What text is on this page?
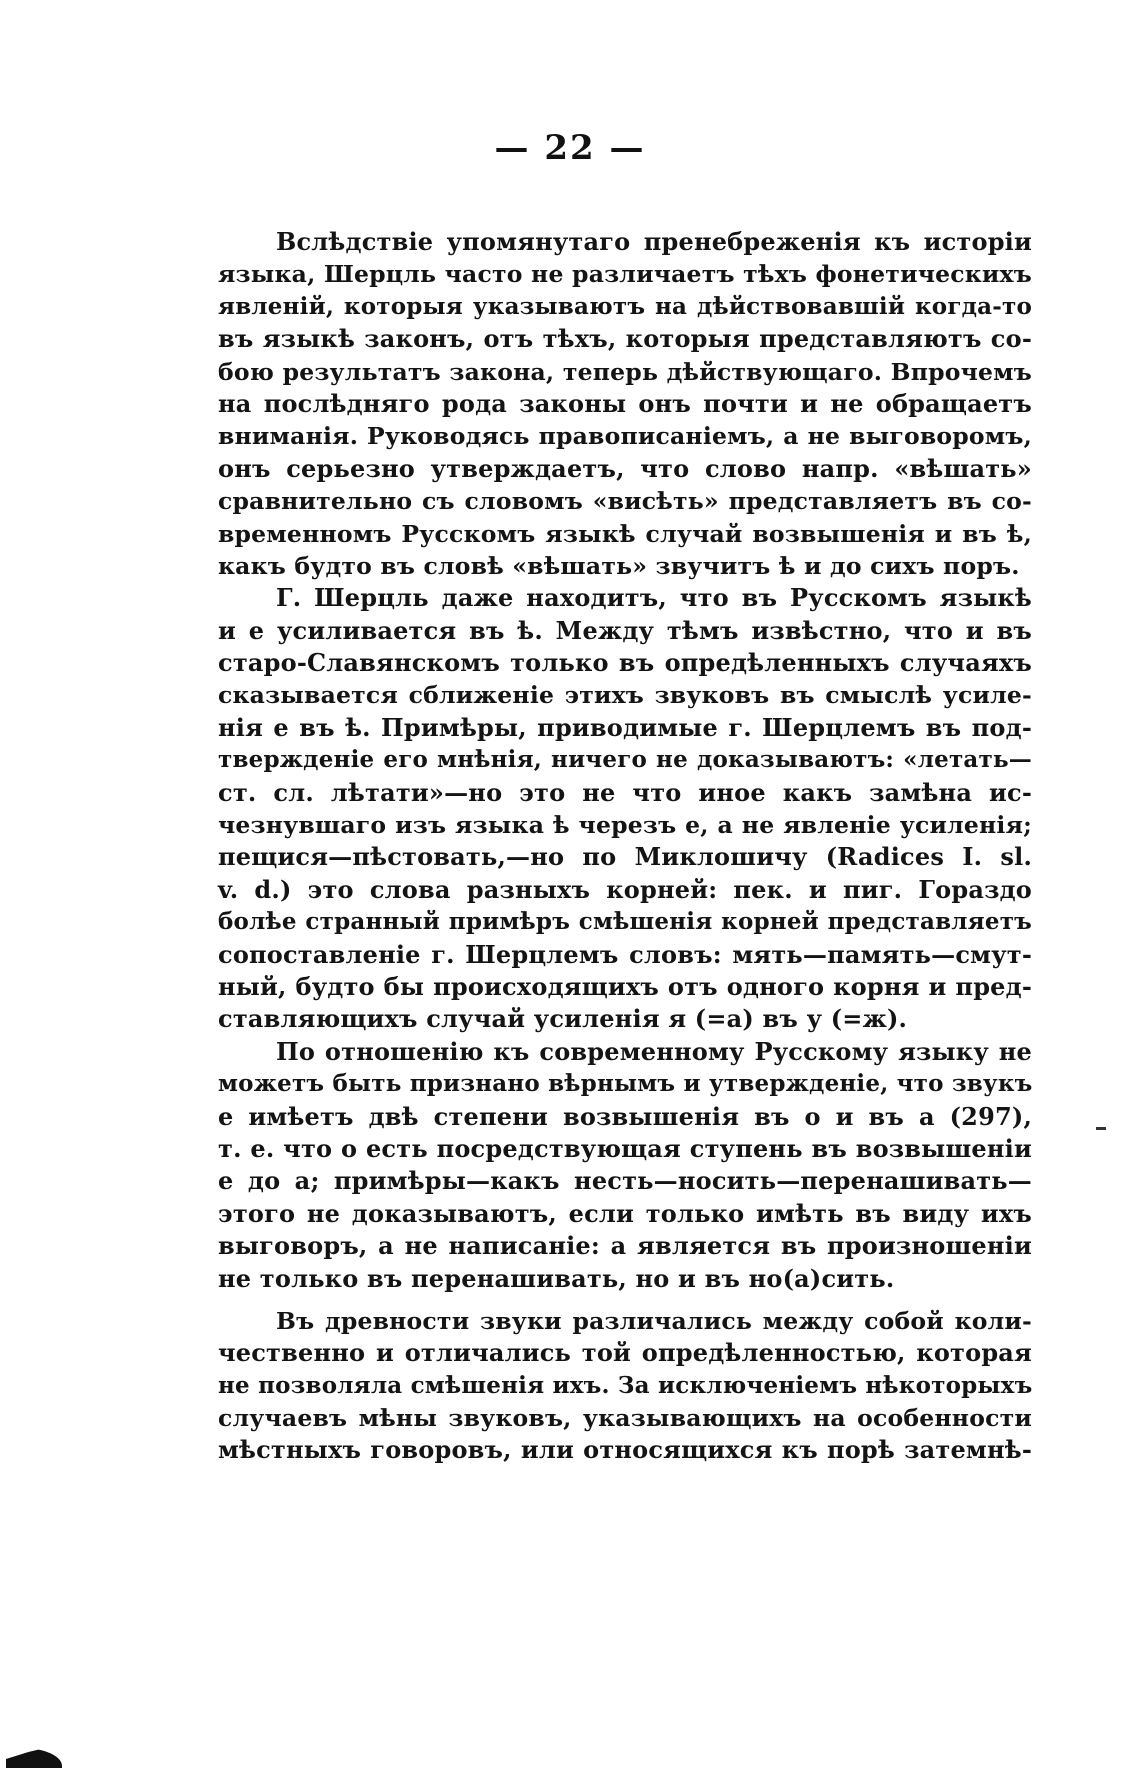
— 22 —
Вслѣдствіе упомянутаго пренебреженія къ исторіи
языка, Шерцль часто не различаетъ тѣхъ фонетическихъ
явленій, которыя указываютъ на дѣйствовавшій когда-то
въ языкѣ законъ, отъ тѣхъ, которыя представляютъ со-
бою результатъ закона, теперь дѣйствующаго. Впрочемъ
на послѣдняго рода законы онъ почти и не обращаетъ
вниманія. Руководясь правописаніемъ, а не выговоромъ,
онъ серьезно утверждаетъ, что слово напр. «вѣшать»
сравнительно съ словомъ «висѣть» представляетъ въ со-
временномъ Русскомъ языкѣ случай возвышенія и въ ѣ,
какъ будто въ словѣ «вѣшать» звучитъ ѣ и до сихъ поръ.
Г. Шерцль даже находитъ, что въ Русскомъ языкѣ
и е усиливается въ ѣ. Между тѣмъ извѣстно, что и въ
старо-Славянскомъ только въ опредѣленныхъ случаяхъ
сказывается сближеніе этихъ звуковъ въ смыслѣ усиле-
нія е въ ѣ. Примѣры, приводимые г. Шерцлемъ въ под-
твержденіе его мнѣнія, ничего не доказываютъ: «летать—
ст. сл. лѣтати»—но это не что иное какъ замѣна ис-
чезнувшаго изъ языка ѣ черезъ е, а не явленіе усиленія;
пещися—пѣстовать,—но по Миклошичу (Radices I. sl.
v. d.) это слова разныхъ корней: пек. и пиг. Гораздо
болѣе странный примѣръ смѣшенія корней представляетъ
сопоставленіе г. Шерцлемъ словъ: мять—память—смут-
ный, будто бы происходящихъ отъ одного корня и пред-
ставляющихъ случай усиленія я (=а) въ у (=ж).
По отношенію къ современному Русскому языку не
можетъ быть признано вѣрнымъ и утвержденіе, что звукъ
е имѣетъ двѣ степени возвышенія въ о и въ а (297),
т. е. что о есть посредствующая ступень въ возвышеніи
е до а; примѣры—какъ несть—носить—перенашивать—
этого не доказываютъ, если только имѣть въ виду ихъ
выговоръ, а не написаніе: а является въ произношеніи
не только въ перенашивать, но и въ но(а)сить.
Въ древности звуки различались между собой коли-
чественно и отличались той опредѣленностью, которая
не позволяла смѣшенія ихъ. За исключеніемъ нѣкоторыхъ
случаевъ мѣны звуковъ, указывающихъ на особенности
мѣстныхъ говоровъ, или относящихся къ порѣ затемнѣ-
